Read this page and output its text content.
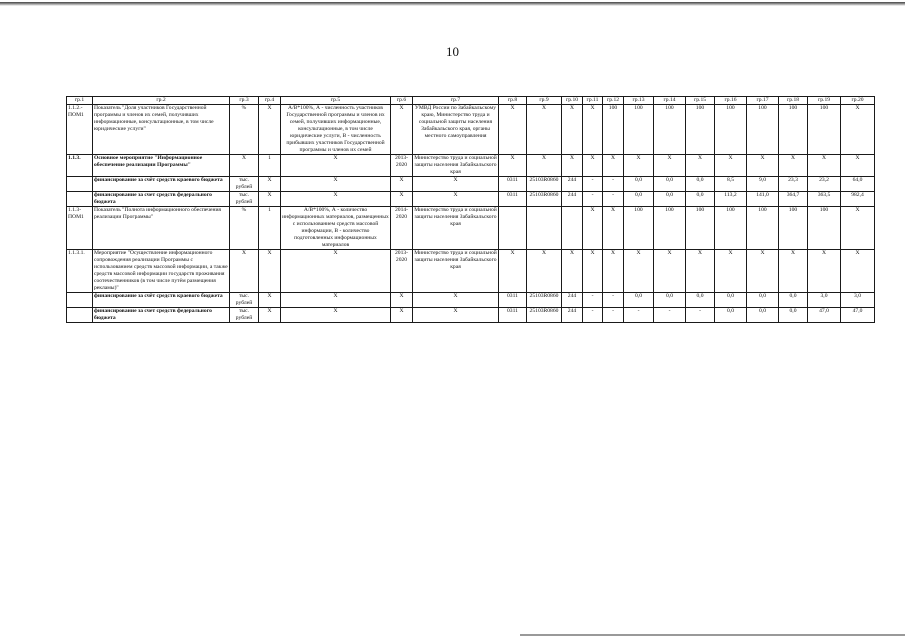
10
гр.1	гр.2	гр.3	гр.4	гр.5	гр.6	гр.7	гр.8	гр.9	гр.10	гр.11	гр.12	гр.13	гр.14	гр.15	гр.16	гр.17	гр.18	гр.19	гр.20
1.1.2.-ПОМ1	Показатель "Доля участников Государственной программы и членов их семей, получивших информационные, консультационные, в том числе юридические услуги"	%	Х	А/В*100%, А - численность участников Государственной программы и членов их семей, получивших информационные, консультационные, в том числе юридические услуги, В - численность прибывших участников Государственной программы и членов их семей	Х	УМВД России по Забайкальскому краю, Министерство труда и социальной защиты населения Забайкальского края, органы местного самоуправления	Х	Х	Х	Х	100	100	100	100	100	100	100	100	Х
1.1.3.	Основное мероприятие "Информационное обеспечение реализации Программы"	Х	1	Х	2013-2020	Министерство труда и социальной защиты населения Забайкальского края	Х	Х	Х	Х	Х	Х	Х	Х	Х	Х	Х	Х	Х
	финансирование за счёт средств краевого бюджета	тыс. рублей	Х	Х	Х	Х	0311	25103R0860	244	-	-	0,0	0,0	0,0	8,5	9,0	23,3	23,2	64,0
	финансирование за счет средств федерального бюджета	тыс. рублей	Х	Х	Х	Х	0311	25103R0860	244	-	-	0,0	0,0	0,0	113,2	141,0	364,7	363,5	982,4
1.1.3-ПОМ1	Показатель "Полнота информационного обеспечения реализации Программы"	%	1	А/В*100%, А - количество информационных материалов, размещенных с использованием средств массовой информации, В - количество подготовленных информационных материалов	2014-2020	Министерство труда и социальной защиты населения Забайкальского края				Х	Х	100	100	100	100	100	100	100	Х
1.1.3.1.	Мероприятие "Осуществление информационного сопровождения реализации Программы с использованием средств массовой информации, а также средств массовой информации государств проживания соотечественников (в том числе путём размещения рекламы)"	Х	Х	Х	2013-2020	Министерство труда и социальной защиты населения Забайкальского края	Х	Х	Х	Х	Х	Х	Х	Х	Х	Х	Х	Х	Х
	финансирование за счёт средств краевого бюджета	тыс. рублей	Х	Х	Х	Х	0311	25103R0860	244	-	-	0,0	0,0	0,0	0,0	0,0	0,0	3,0	3,0
	финансирование за счет средств федерального бюджета	тыс. рублей	Х	Х	Х	Х	0311	25103R0860	244	-	-	-	-	-	0,0	0,0	0,0	47,0	47,0
